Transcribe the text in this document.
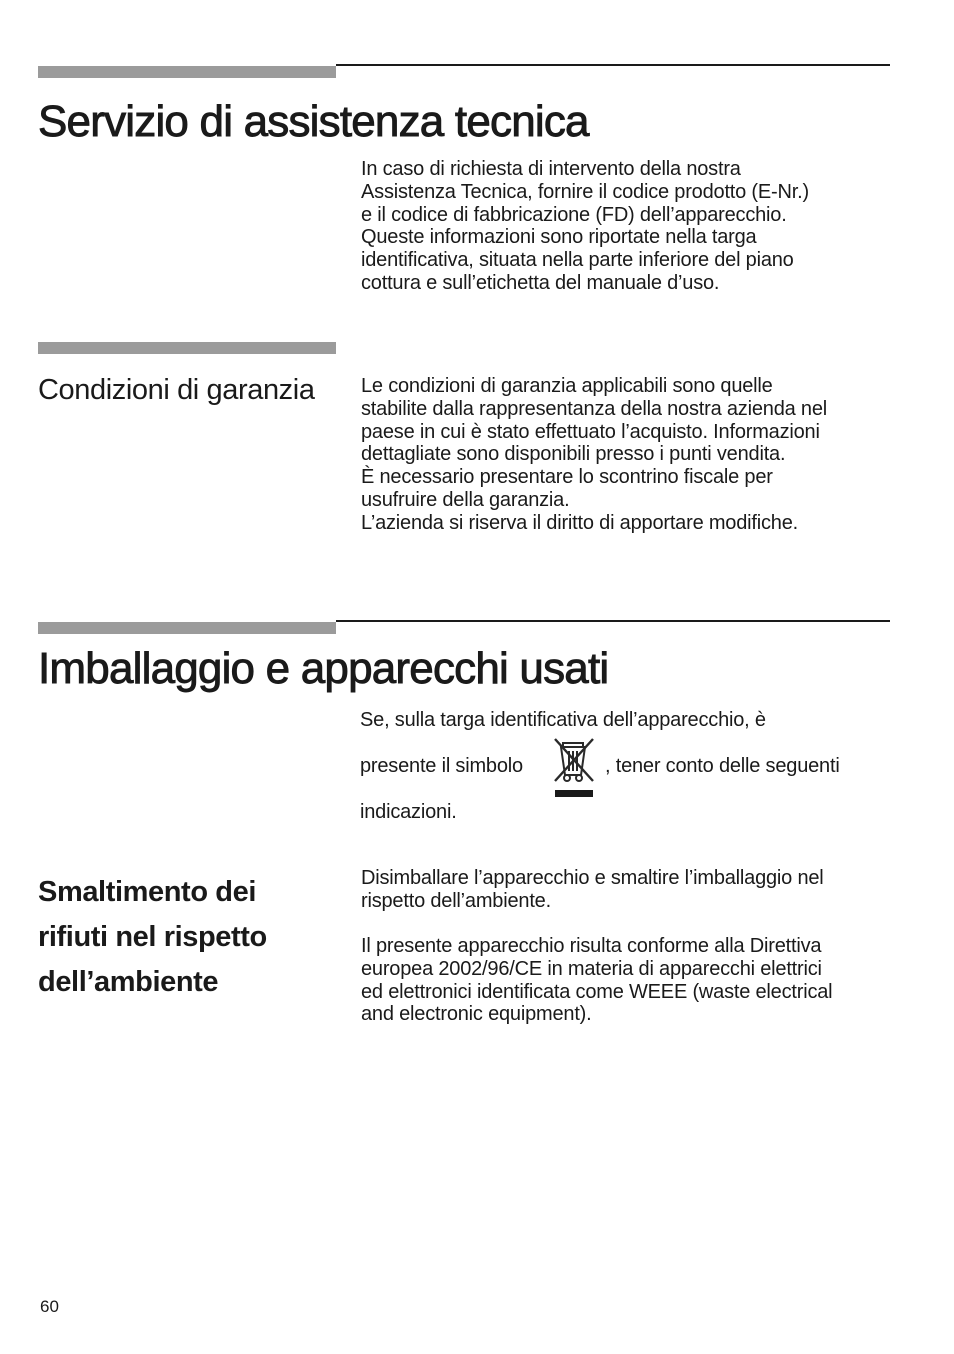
Servizio di assistenza tecnica
In caso di richiesta di intervento della nostra
Assistenza Tecnica, fornire il codice prodotto (E-Nr.)
e il codice di fabbricazione (FD) dell’apparecchio.
Queste informazioni sono riportate nella targa
identificativa, situata nella parte inferiore del piano
cottura e sull’etichetta del manuale d’uso.
Condizioni di garanzia Le condizioni di garanzia applicabili sono quelle
stabilite dalla rappresentanza della nostra azienda nel
paese in cui è stato effettuato l’acquisto. Informazioni
dettagliate sono disponibili presso i punti vendita.
È necessario presentare lo scontrino fiscale per
usufruire della garanzia.
L’azienda si riserva il diritto di apportare modifiche.
Imballaggio e apparecchi usati
Se, sulla targa identificativa dell’apparecchio, è
presente il simbolo	, tener conto delle seguenti
indicazioni.
Smaltimento dei
rifiuti nel rispetto
dell’ambiente
Disimballare l’apparecchio e smaltire l’imballaggio nel
rispetto dell’ambiente.
Il presente apparecchio risulta conforme alla Direttiva
europea 2002/96/CE in materia di apparecchi elettrici
ed elettronici identificata come WEEE (waste electrical
and electronic equipment).
60
